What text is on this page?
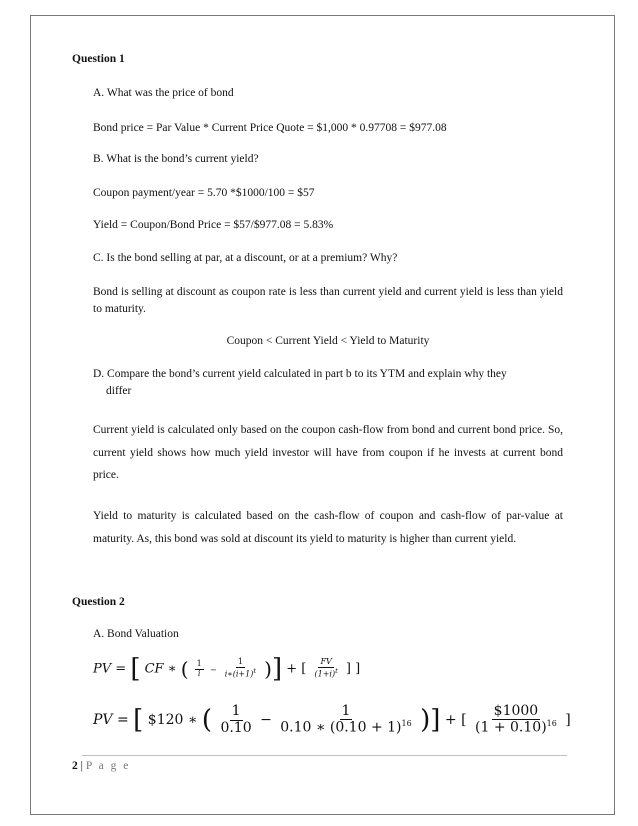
Question 1
A. What was the price of bond
Bond price = Par Value * Current Price Quote = $1,000 * 0.97708 = $977.08
B. What is the bond’s current yield?
Coupon payment/year = 5.70 *$1000/100 = $57
Yield = Coupon/Bond Price = $57/$977.08 = 5.83%
C. Is the bond selling at par, at a discount, or at a premium? Why?
Bond is selling at discount as coupon rate is less than current yield and current yield is less than yield to maturity.
Coupon < Current Yield < Yield to Maturity
D. Compare the bond’s current yield calculated in part b to its YTM and explain why they
differ
Current yield is calculated only based on the coupon cash-flow from bond and current bond price. So, current yield shows how much yield investor will have from coupon if he invests at current bond price.
Yield to maturity is calculated based on the cash-flow of coupon and cash-flow of par-value at maturity. As, this bond was sold at discount its yield to maturity is higher than current yield.
Question 2
A. Bond Valuation
PV = [ CF ∗ ( $\frac{1}{i} - \frac{1}{i∗(i+1)^t}$ )] + [ $\frac{FV}{(1+i)^t}$ ] ]
PV = [ $120 ∗ ( $\frac{1}{0.10} - \frac{1}{0.10 ∗ (0.10 + 1)^{16}}$ )] + [ $\frac{\$1000}{(1 + 0.10)^{16}}$ ]
2 | P a g e
